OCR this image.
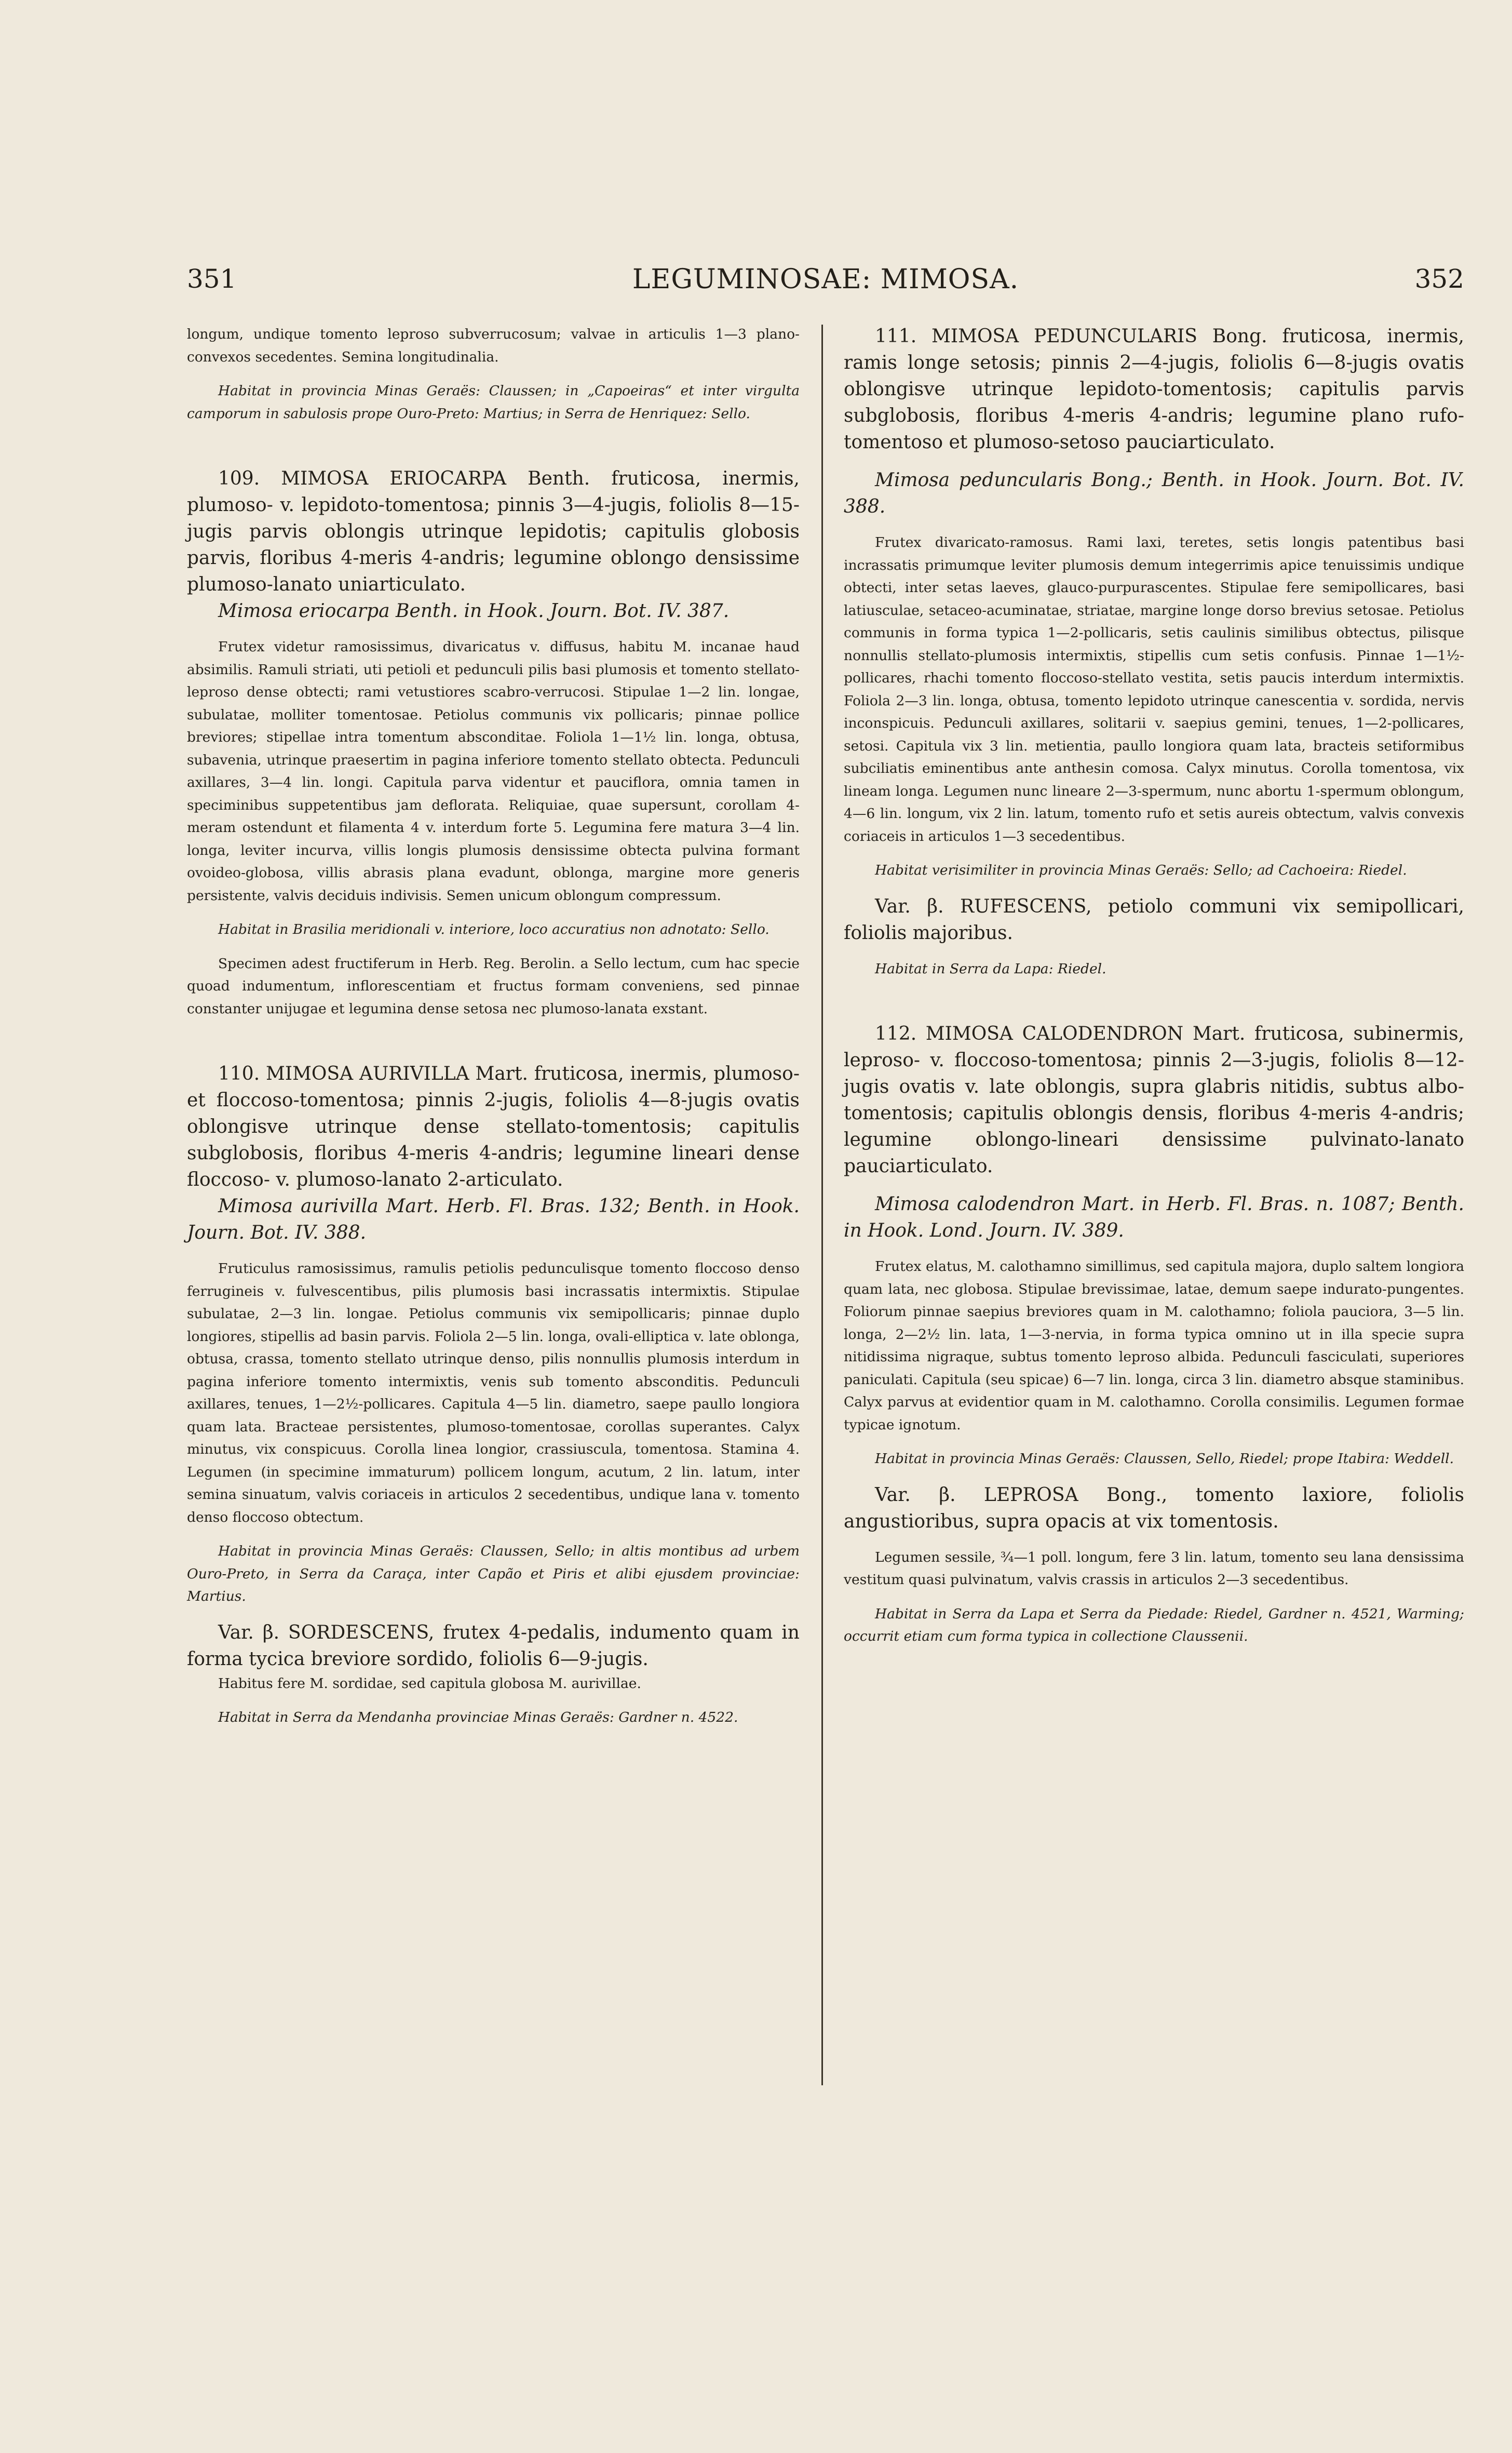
351	LEGUMINOSAE: MIMOSA.	352

longum, undique tomento leproso subverrucosum; valvae in articulis 1—3 plano-convexos secedentes. Semina longitudinalia.

Habitat in provincia Minas Geraës: Claussen; in „Capoeiras“ et inter virgulta camporum in sabulosis prope Ouro-Preto: Martius; in Serra de Henriquez: Sello.

109. MIMOSA ERIOCARPA Benth. fruticosa, inermis, plumoso- v. lepidoto-tomentosa; pinnis 3—4-jugis, foliolis 8—15-jugis parvis oblongis utrinque lepidotis; capitulis globosis parvis, floribus 4-meris 4-andris; legumine oblongo densissime plumoso-lanato uniarticulato.

Mimosa eriocarpa Benth. in Hook. Journ. Bot. IV. 387.

Frutex videtur ramosissimus, divaricatus v. diffusus, habitu M. incanae haud absimilis. Ramuli striati, uti petioli et pedunculi pilis basi plumosis et tomento stellato-leproso dense obtecti; rami vetustiores scabro-verrucosi. Stipulae 1—2 lin. longae, subulatae, molliter tomentosae. Petiolus communis vix pollicaris; pinnae pollice breviores; stipellae intra tomentum absconditae. Foliola 1—1½ lin. longa, obtusa, subavenia, utrinque praesertim in pagina inferiore tomento stellato obtecta. Pedunculi axillares, 3—4 lin. longi. Capitula parva videntur et pauciflora, omnia tamen in speciminibus suppetentibus jam deflorata. Reliquiae, quae supersunt, corollam 4-meram ostendunt et filamenta 4 v. interdum forte 5. Legumina fere matura 3—4 lin. longa, leviter incurva, villis longis plumosis densissime obtecta pulvina formant ovoideo-globosa, villis abrasis plana evadunt, oblonga, margine more generis persistente, valvis deciduis indivisis. Semen unicum oblongum compressum.

Habitat in Brasilia meridionali v. interiore, loco accuratius non adnotato: Sello.

Specimen adest fructiferum in Herb. Reg. Berolin. a Sello lectum, cum hac specie quoad indumentum, inflorescentiam et fructus formam conveniens, sed pinnae constanter unijugae et legumina dense setosa nec plumoso-lanata exstant.

110. MIMOSA AURIVILLA Mart. fruticosa, inermis, plumoso- et floccoso-tomentosa; pinnis 2-jugis, foliolis 4—8-jugis ovatis oblongisve utrinque dense stellato-tomentosis; capitulis subglobosis, floribus 4-meris 4-andris; legumine lineari dense floccoso- v. plumoso-lanato 2-articulato.

Mimosa aurivilla Mart. Herb. Fl. Bras. 132; Benth. in Hook. Journ. Bot. IV. 388.

Fruticulus ramosissimus, ramulis petiolis pedunculisque tomento floccoso denso ferrugineis v. fulvescentibus, pilis plumosis basi incrassatis intermixtis. Stipulae subulatae, 2—3 lin. longae. Petiolus communis vix semipollicaris; pinnae duplo longiores, stipellis ad basin parvis. Foliola 2—5 lin. longa, ovali-elliptica v. late oblonga, obtusa, crassa, tomento stellato utrinque denso, pilis nonnullis plumosis interdum in pagina inferiore tomento intermixtis, venis sub tomento absconditis. Pedunculi axillares, tenues, 1—2½-pollicares. Capitula 4—5 lin. diametro, saepe paullo longiora quam lata. Bracteae persistentes, plumoso-tomentosae, corollas superantes. Calyx minutus, vix conspicuus. Corolla linea longior, crassiuscula, tomentosa. Stamina 4. Legumen (in specimine immaturum) pollicem longum, acutum, 2 lin. latum, inter semina sinuatum, valvis coriaceis in articulos 2 secedentibus, undique lana v. tomento denso floccoso obtectum.

Habitat in provincia Minas Geraës: Claussen, Sello; in altis montibus ad urbem Ouro-Preto, in Serra da Caraça, inter Capão et Piris et alibi ejusdem provinciae: Martius.

Var. β. SORDESCENS, frutex 4-pedalis, indumento quam in forma tycica breviore sordido, foliolis 6—9-jugis.

Habitus fere M. sordidae, sed capitula globosa M. aurivillae.

Habitat in Serra da Mendanha provinciae Minas Geraës: Gardner n. 4522.

111. MIMOSA PEDUNCULARIS Bong. fruticosa, inermis, ramis longe setosis; pinnis 2—4-jugis, foliolis 6—8-jugis ovatis oblongisve utrinque lepidoto-tomentosis; capitulis parvis subglobosis, floribus 4-meris 4-andris; legumine plano rufo-tomentoso et plumoso-setoso pauciarticulato.

Mimosa peduncularis Bong.; Benth. in Hook. Journ. Bot. IV. 388.

Frutex divaricato-ramosus. Rami laxi, teretes, setis longis patentibus basi incrassatis primumque leviter plumosis demum integerrimis apice tenuissimis undique obtecti, inter setas laeves, glauco-purpurascentes. Stipulae fere semipollicares, basi latiusculae, setaceo-acuminatae, striatae, margine longe dorso brevius setosae. Petiolus communis in forma typica 1—2-pollicaris, setis caulinis similibus obtectus, pilisque nonnullis stellato-plumosis intermixtis, stipellis cum setis confusis. Pinnae 1—1½-pollicares, rhachi tomento floccoso-stellato vestita, setis paucis interdum intermixtis. Foliola 2—3 lin. longa, obtusa, tomento lepidoto utrinque canescentia v. sordida, nervis inconspicuis. Pedunculi axillares, solitarii v. saepius gemini, tenues, 1—2-pollicares, setosi. Capitula vix 3 lin. metientia, paullo longiora quam lata, bracteis setiformibus subciliatis eminentibus ante anthesin comosa. Calyx minutus. Corolla tomentosa, vix lineam longa. Legumen nunc lineare 2—3-spermum, nunc abortu 1-spermum oblongum, 4—6 lin. longum, vix 2 lin. latum, tomento rufo et setis aureis obtectum, valvis convexis coriaceis in articulos 1—3 secedentibus.

Habitat verisimiliter in provincia Minas Geraës: Sello; ad Cachoeira: Riedel.

Var. β. RUFESCENS, petiolo communi vix semipollicari, foliolis majoribus.

Habitat in Serra da Lapa: Riedel.

112. MIMOSA CALODENDRON Mart. fruticosa, subinermis, leproso- v. floccoso-tomentosa; pinnis 2—3-jugis, foliolis 8—12-jugis ovatis v. late oblongis, supra glabris nitidis, subtus albo-tomentosis; capitulis oblongis densis, floribus 4-meris 4-andris; legumine oblongo-lineari densissime pulvinato-lanato pauciarticulato.

Mimosa calodendron Mart. in Herb. Fl. Bras. n. 1087; Benth. in Hook. Lond. Journ. IV. 389.

Frutex elatus, M. calothamno simillimus, sed capitula majora, duplo saltem longiora quam lata, nec globosa. Stipulae brevissimae, latae, demum saepe indurato-pungentes. Foliorum pinnae saepius breviores quam in M. calothamno; foliola pauciora, 3—5 lin. longa, 2—2½ lin. lata, 1—3-nervia, in forma typica omnino ut in illa specie supra nitidissima nigraque, subtus tomento leproso albida. Pedunculi fasciculati, superiores paniculati. Capitula (seu spicae) 6—7 lin. longa, circa 3 lin. diametro absque staminibus. Calyx parvus at evidentior quam in M. calothamno. Corolla consimilis. Legumen formae typicae ignotum.

Habitat in provincia Minas Geraës: Claussen, Sello, Riedel; prope Itabira: Weddell.

Var. β. LEPROSA Bong., tomento laxiore, foliolis angustioribus, supra opacis at vix tomentosis.

Legumen sessile, ¾—1 poll. longum, fere 3 lin. latum, tomento seu lana densissima vestitum quasi pulvinatum, valvis crassis in articulos 2—3 secedentibus.

Habitat in Serra da Lapa et Serra da Piedade: Riedel, Gardner n. 4521, Warming; occurrit etiam cum forma typica in collectione Claussenii.
